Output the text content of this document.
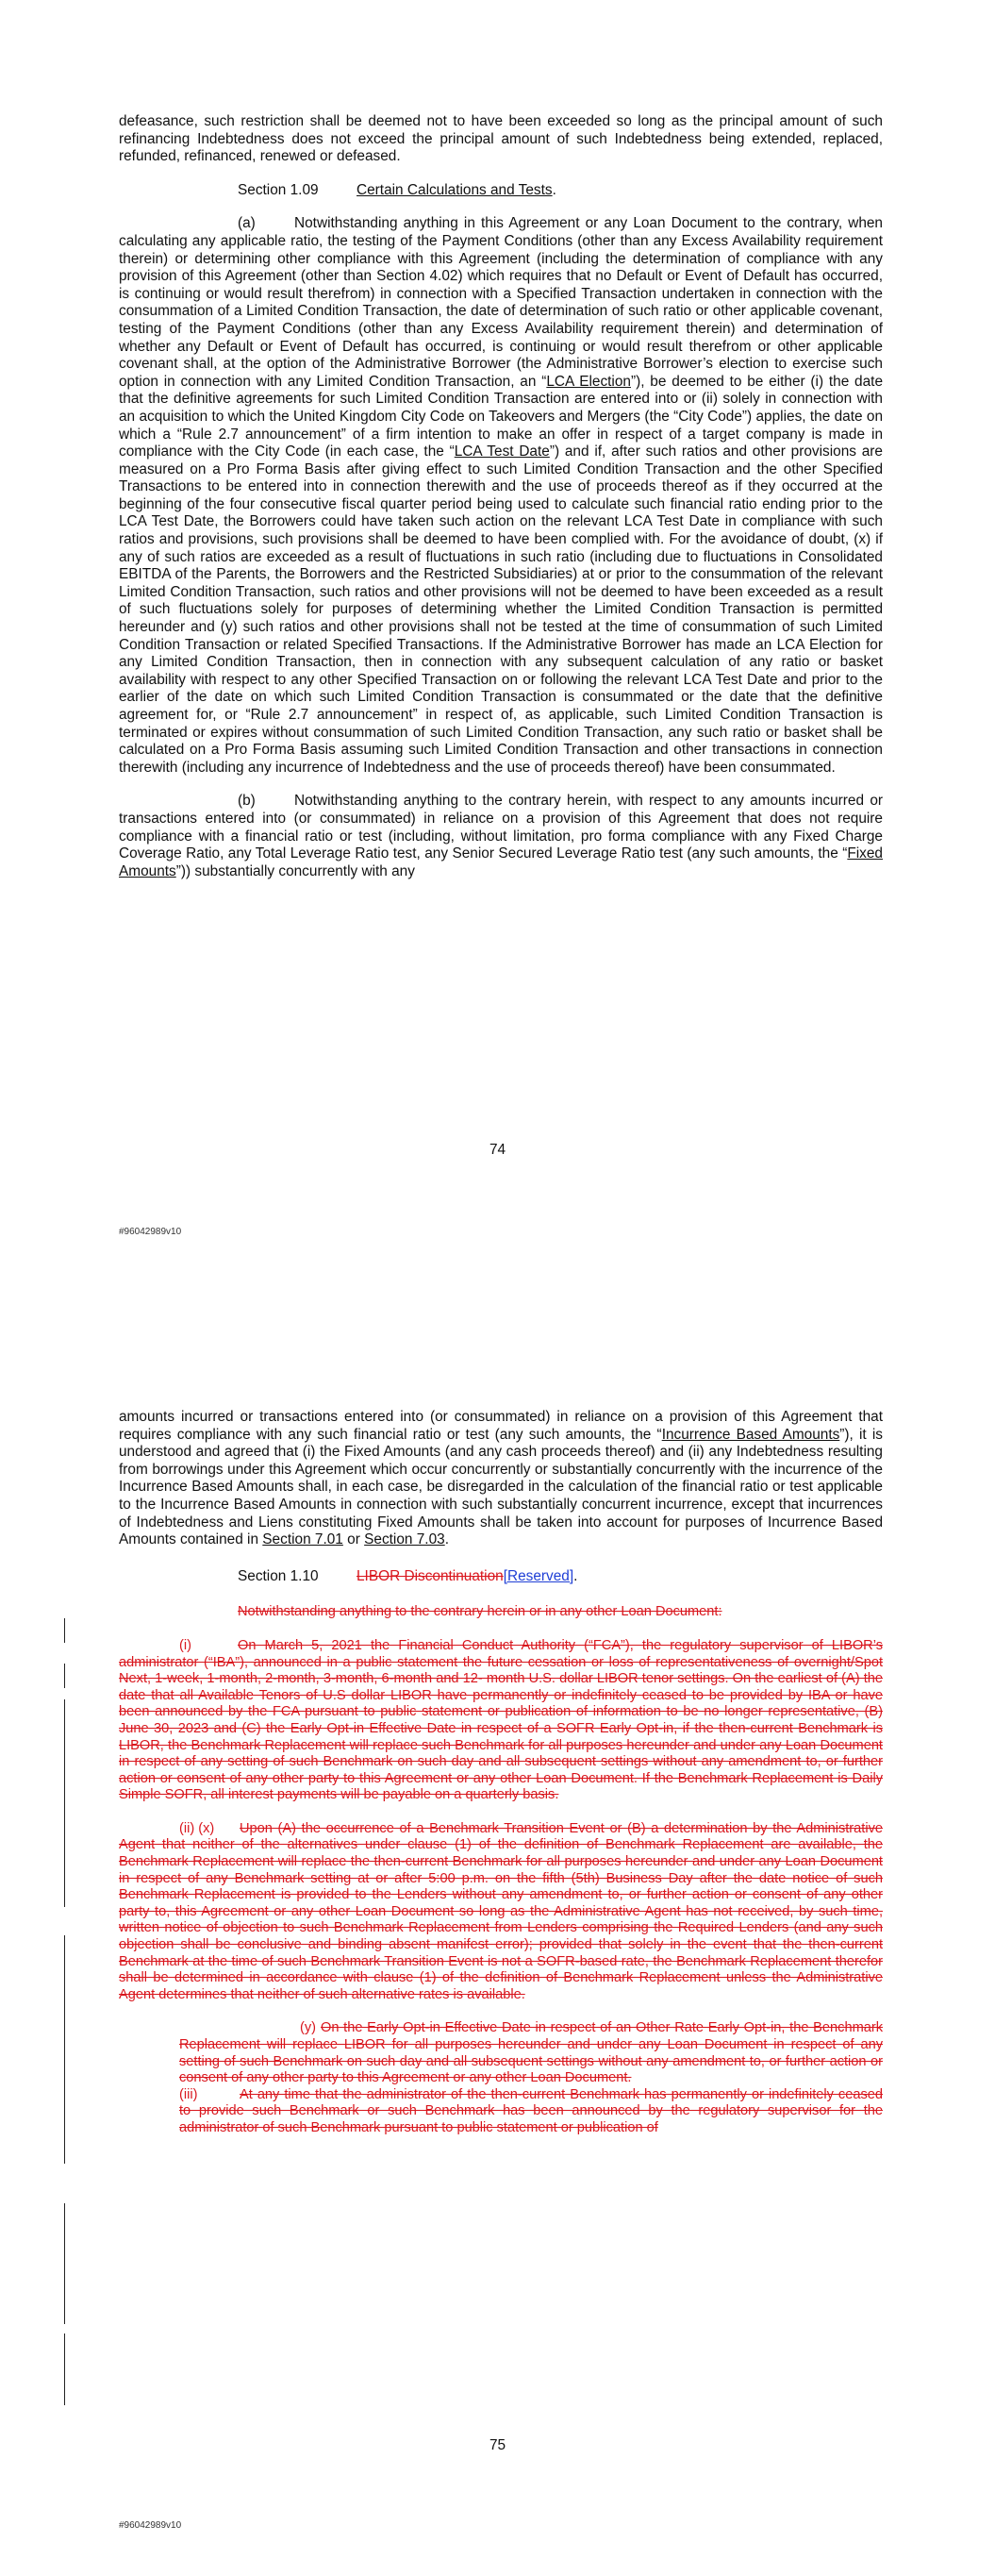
defeasance, such restriction shall be deemed not to have been exceeded so long as the principal amount of such refinancing Indebtedness does not exceed the principal amount of such Indebtedness being extended, replaced, refunded, refinanced, renewed or defeased.

Section 1.09	Certain Calculations and Tests.

(a)	Notwithstanding anything in this Agreement or any Loan Document to the contrary, when calculating any applicable ratio, the testing of the Payment Conditions (other than any Excess Availability requirement therein) or determining other compliance with this Agreement (including the determination of compliance with any provision of this Agreement (other than Section 4.02) which requires that no Default or Event of Default has occurred, is continuing or would result therefrom) in connection with a Specified Transaction undertaken in connection with the consummation of a Limited Condition Transaction, the date of determination of such ratio or other applicable covenant, testing of the Payment Conditions (other than any Excess Availability requirement therein) and determination of whether any Default or Event of Default has occurred, is continuing or would result therefrom or other applicable covenant shall, at the option of the Administrative Borrower (the Administrative Borrower’s election to exercise such option in connection with any Limited Condition Transaction, an “LCA Election”), be deemed to be either (i) the date that the definitive agreements for such Limited Condition Transaction are entered into or (ii) solely in connection with an acquisition to which the United Kingdom City Code on Takeovers and Mergers (the “City Code”) applies, the date on which a “Rule 2.7 announcement” of a firm intention to make an offer in respect of a target company is made in compliance with the City Code (in each case, the “LCA Test Date”) and if, after such ratios and other provisions are measured on a Pro Forma Basis after giving effect to such Limited Condition Transaction and the other Specified Transactions to be entered into in connection therewith and the use of proceeds thereof as if they occurred at the beginning of the four consecutive fiscal quarter period being used to calculate such financial ratio ending prior to the LCA Test Date, the Borrowers could have taken such action on the relevant LCA Test Date in compliance with such ratios and provisions, such provisions shall be deemed to have been complied with. For the avoidance of doubt, (x) if any of such ratios are exceeded as a result of fluctuations in such ratio (including due to fluctuations in Consolidated EBITDA of the Parents, the Borrowers and the Restricted Subsidiaries) at or prior to the consummation of the relevant Limited Condition Transaction, such ratios and other provisions will not be deemed to have been exceeded as a result of such fluctuations solely for purposes of determining whether the Limited Condition Transaction is permitted hereunder and (y) such ratios and other provisions shall not be tested at the time of consummation of such Limited Condition Transaction or related Specified Transactions. If the Administrative Borrower has made an LCA Election for any Limited Condition Transaction, then in connection with any subsequent calculation of any ratio or basket availability with respect to any other Specified Transaction on or following the relevant LCA Test Date and prior to the earlier of the date on which such Limited Condition Transaction is consummated or the date that the definitive agreement for, or “Rule 2.7 announcement” in respect of, as applicable, such Limited Condition Transaction is terminated or expires without consummation of such Limited Condition Transaction, any such ratio or basket shall be calculated on a Pro Forma Basis assuming such Limited Condition Transaction and other transactions in connection therewith (including any incurrence of Indebtedness and the use of proceeds thereof) have been consummated.

(b)	Notwithstanding anything to the contrary herein, with respect to any amounts incurred or transactions entered into (or consummated) in reliance on a provision of this Agreement that does not require compliance with a financial ratio or test (including, without limitation, pro forma compliance with any Fixed Charge Coverage Ratio, any Total Leverage Ratio test, any Senior Secured Leverage Ratio test (any such amounts, the “Fixed Amounts”)) substantially concurrently with any

74
#96042989v10

amounts incurred or transactions entered into (or consummated) in reliance on a provision of this Agreement that requires compliance with any such financial ratio or test (any such amounts, the “Incurrence Based Amounts”), it is understood and agreed that (i) the Fixed Amounts (and any cash proceeds thereof) and (ii) any Indebtedness resulting from borrowings under this Agreement which occur concurrently or substantially concurrently with the incurrence of the Incurrence Based Amounts shall, in each case, be disregarded in the calculation of the financial ratio or test applicable to the Incurrence Based Amounts in connection with such substantially concurrent incurrence, except that incurrences of Indebtedness and Liens constituting Fixed Amounts shall be taken into account for purposes of Incurrence Based Amounts contained in Section 7.01 or Section 7.03.

Section 1.10	LIBOR Discontinuation[Reserved].

Notwithstanding anything to the contrary herein or in any other Loan Document:

(i)	On March 5, 2021 the Financial Conduct Authority (“FCA”), the regulatory supervisor of LIBOR’s administrator (“IBA”), announced in a public statement the future cessation or loss of representativeness of overnight/Spot Next, 1-week, 1-month, 2-month, 3-month, 6-month and 12- month U.S. dollar LIBOR tenor settings. On the earliest of (A) the date that all Available Tenors of U.S dollar LIBOR have permanently or indefinitely ceased to be provided by IBA or have been announced by the FCA pursuant to public statement or publication of information to be no longer representative, (B) June 30, 2023 and (C) the Early Opt-in Effective Date in respect of a SOFR Early Opt-in, if the then-current Benchmark is LIBOR, the Benchmark Replacement will replace such Benchmark for all purposes hereunder and under any Loan Document in respect of any setting of such Benchmark on such day and all subsequent settings without any amendment to, or further action or consent of any other party to this Agreement or any other Loan Document. If the Benchmark Replacement is Daily Simple SOFR, all interest payments will be payable on a quarterly basis.

(ii) (x) Upon (A) the occurrence of a Benchmark Transition Event or (B) a determination by the Administrative Agent that neither of the alternatives under clause (1) of the definition of Benchmark Replacement are available, the Benchmark Replacement will replace the then-current Benchmark for all purposes hereunder and under any Loan Document in respect of any Benchmark setting at or after 5:00 p.m. on the fifth (5th) Business Day after the date notice of such Benchmark Replacement is provided to the Lenders without any amendment to, or further action or consent of any other party to, this Agreement or any other Loan Document so long as the Administrative Agent has not received, by such time, written notice of objection to such Benchmark Replacement from Lenders comprising the Required Lenders (and any such objection shall be conclusive and binding absent manifest error); provided that solely in the event that the then-current Benchmark at the time of such Benchmark Transition Event is not a SOFR-based rate, the Benchmark Replacement therefor shall be determined in accordance with clause (1) of the definition of Benchmark Replacement unless the Administrative Agent determines that neither of such alternative rates is available.

(y) On the Early Opt-in Effective Date in respect of an Other Rate Early Opt-in, the Benchmark Replacement will replace LIBOR for all purposes hereunder and under any Loan Document in respect of any setting of such Benchmark on such day and all subsequent settings without any amendment to, or further action or consent of any other party to this Agreement or any other Loan Document.

(iii)	At any time that the administrator of the then-current Benchmark has permanently or indefinitely ceased to provide such Benchmark or such Benchmark has been announced by the regulatory supervisor for the administrator of such Benchmark pursuant to public statement or publication of

75
#96042989v10
